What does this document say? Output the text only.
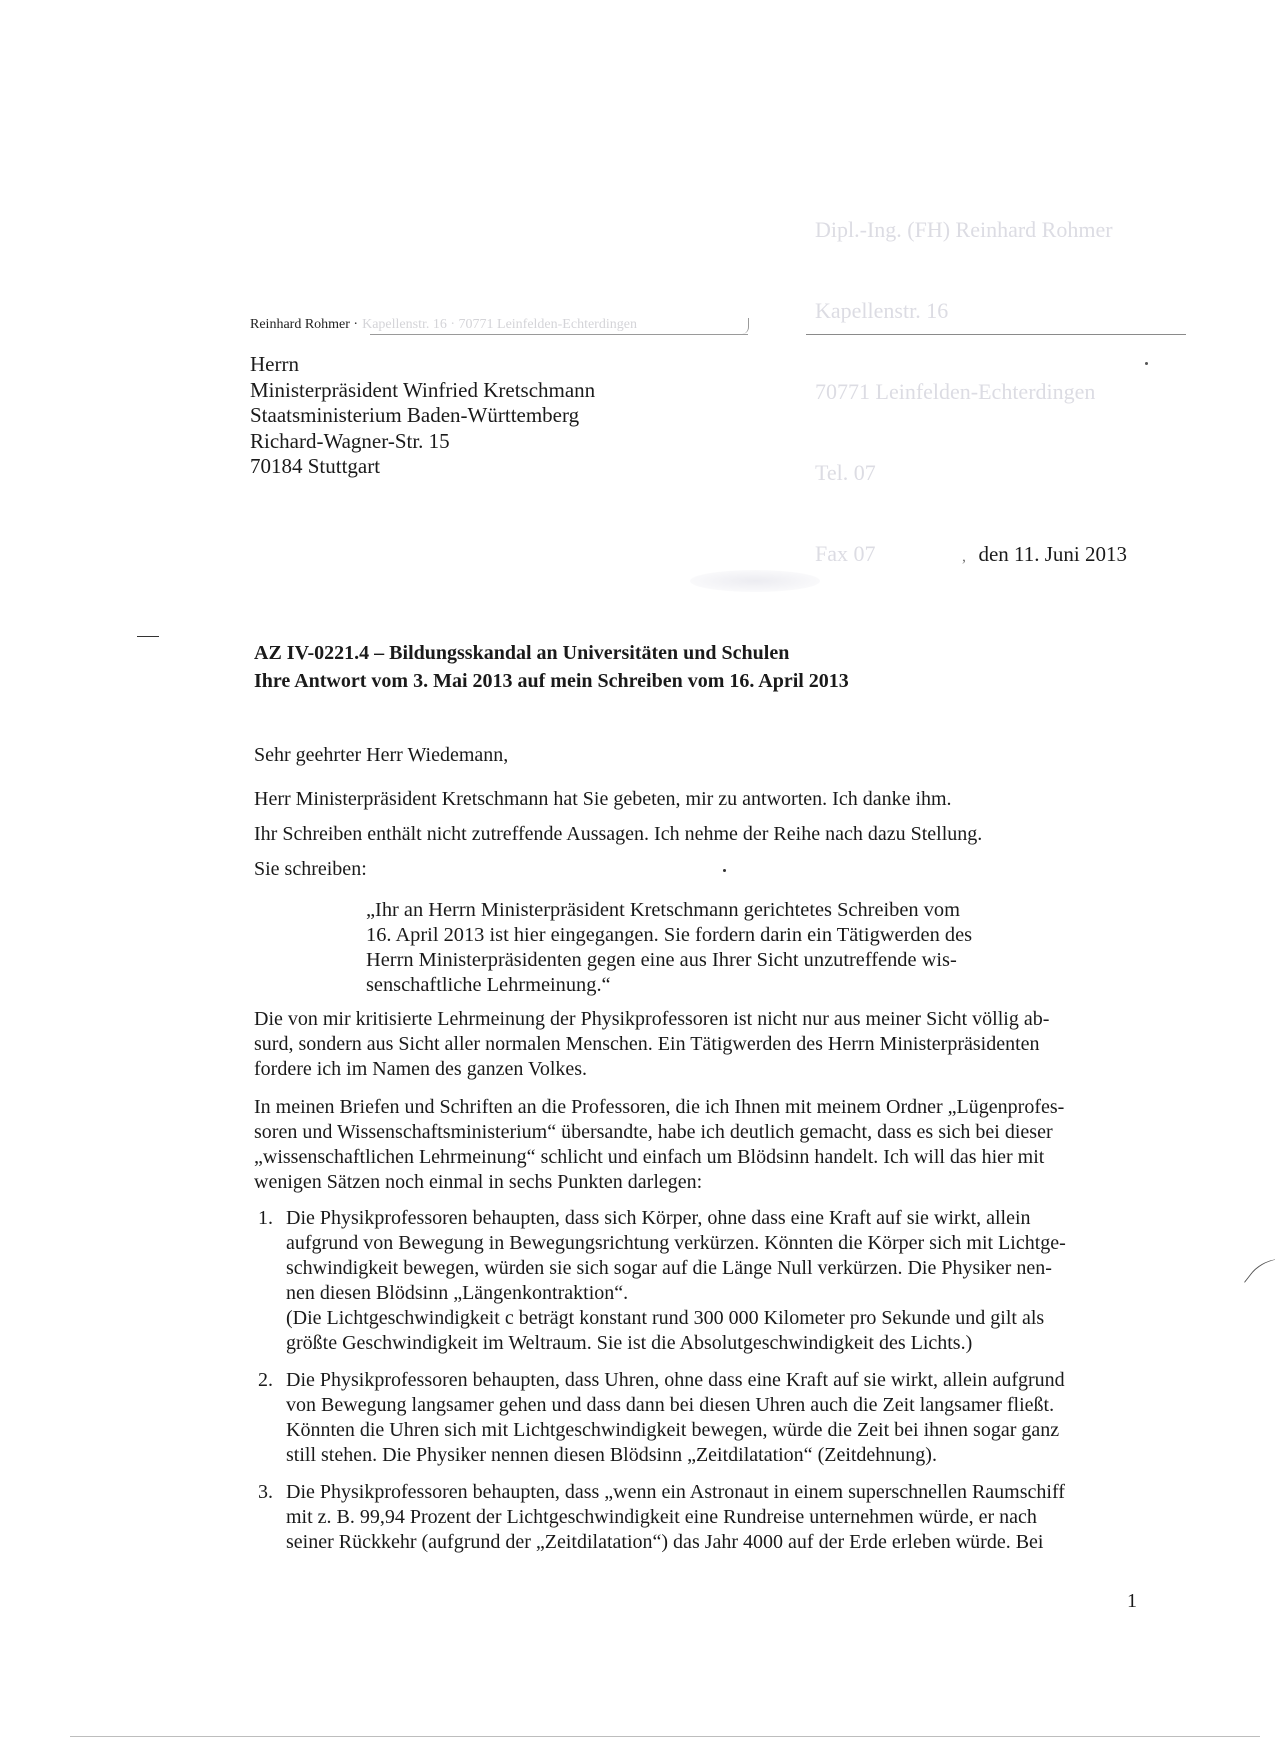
Dipl.-Ing. (FH) Reinhard Rohmer

Kapellenstr. 16

70771 Leinfelden-Echterdingen

Tel. 07

Fax 07

Reinhard Rohmer · Kapellenstr. 16 · 70771 Leinfelden-Echterdingen
Herrn
Ministerpräsident Winfried Kretschmann
Staatsministerium Baden-Württemberg
Richard-Wagner-Str. 15
70184 Stuttgart
, den 11. Juni 2013
AZ IV-0221.4 – Bildungsskandal an Universitäten und Schulen
Ihre Antwort vom 3. Mai 2013 auf mein Schreiben vom 16. April 2013
Sehr geehrter Herr Wiedemann,
Herr Ministerpräsident Kretschmann hat Sie gebeten, mir zu antworten. Ich danke ihm.
Ihr Schreiben enthält nicht zutreffende Aussagen. Ich nehme der Reihe nach dazu Stellung.
Sie schreiben:
„Ihr an Herrn Ministerpräsident Kretschmann gerichtetes Schreiben vom
16. April 2013 ist hier eingegangen. Sie fordern darin ein Tätigwerden des
Herrn Ministerpräsidenten gegen eine aus Ihrer Sicht unzutreffende wis-
senschaftliche Lehrmeinung.“
Die von mir kritisierte Lehrmeinung der Physikprofessoren ist nicht nur aus meiner Sicht völlig ab-
surd, sondern aus Sicht aller normalen Menschen. Ein Tätigwerden des Herrn Ministerpräsidenten
fordere ich im Namen des ganzen Volkes.
In meinen Briefen und Schriften an die Professoren, die ich Ihnen mit meinem Ordner „Lügenprofes-
soren und Wissenschaftsministerium“ übersandte, habe ich deutlich gemacht, dass es sich bei dieser
„wissenschaftlichen Lehrmeinung“ schlicht und einfach um Blödsinn handelt. Ich will das hier mit
wenigen Sätzen noch einmal in sechs Punkten darlegen:
1. Die Physikprofessoren behaupten, dass sich Körper, ohne dass eine Kraft auf sie wirkt, allein
aufgrund von Bewegung in Bewegungsrichtung verkürzen. Könnten die Körper sich mit Lichtge-
schwindigkeit bewegen, würden sie sich sogar auf die Länge Null verkürzen. Die Physiker nen-
nen diesen Blödsinn „Längenkontraktion“.
(Die Lichtgeschwindigkeit c beträgt konstant rund 300 000 Kilometer pro Sekunde und gilt als
größte Geschwindigkeit im Weltraum. Sie ist die Absolutgeschwindigkeit des Lichts.)
2. Die Physikprofessoren behaupten, dass Uhren, ohne dass eine Kraft auf sie wirkt, allein aufgrund
von Bewegung langsamer gehen und dass dann bei diesen Uhren auch die Zeit langsamer fließt.
Könnten die Uhren sich mit Lichtgeschwindigkeit bewegen, würde die Zeit bei ihnen sogar ganz
still stehen. Die Physiker nennen diesen Blödsinn „Zeitdilatation“ (Zeitdehnung).
3. Die Physikprofessoren behaupten, dass „wenn ein Astronaut in einem superschnellen Raumschiff
mit z. B. 99,94 Prozent der Lichtgeschwindigkeit eine Rundreise unternehmen würde, er nach
seiner Rückkehr (aufgrund der „Zeitdilatation“) das Jahr 4000 auf der Erde erleben würde. Bei
1
